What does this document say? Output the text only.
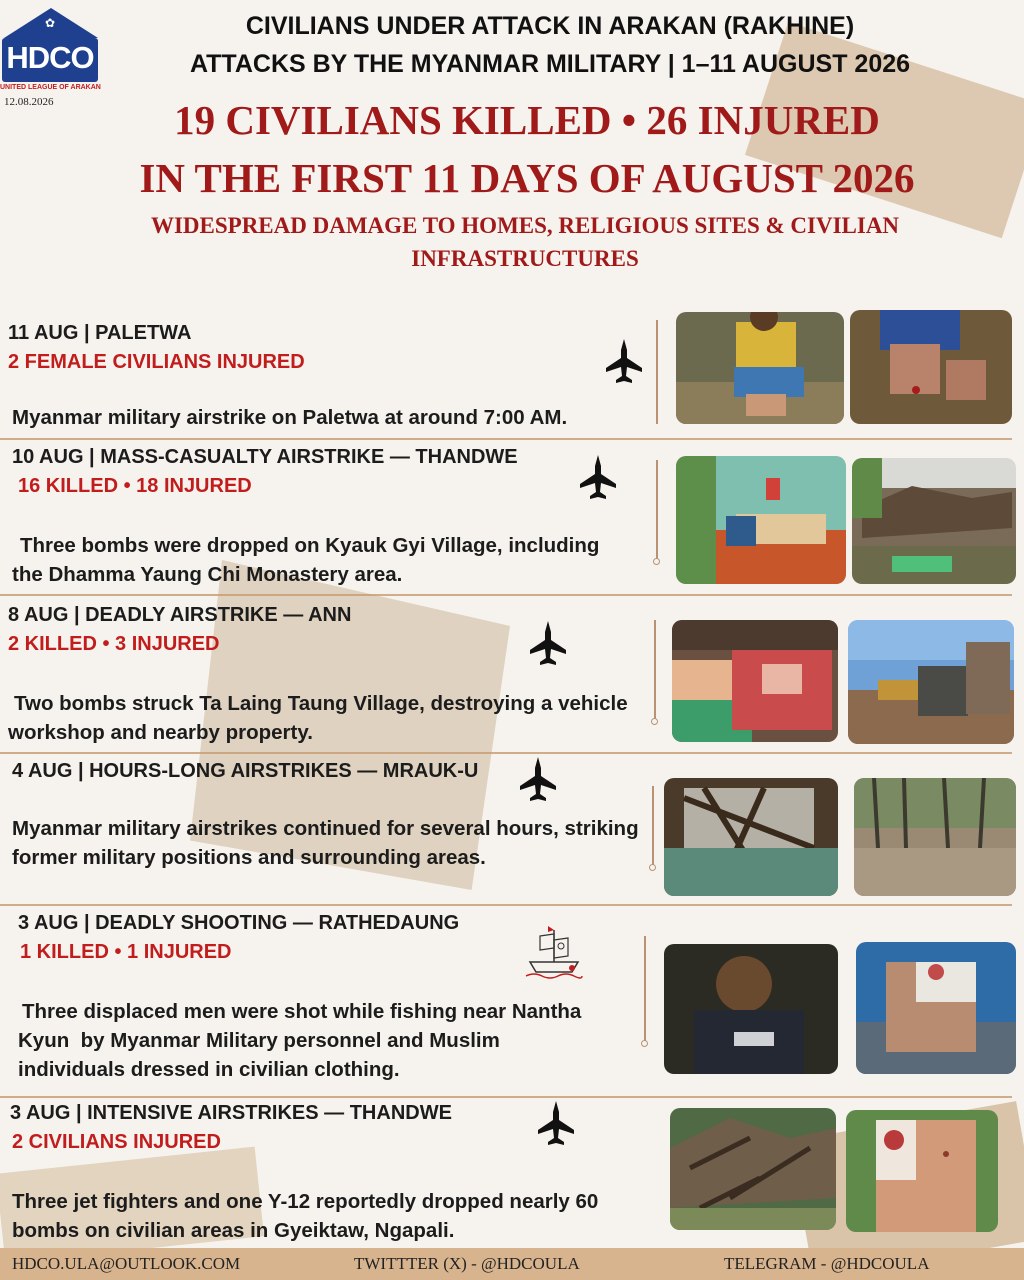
✿
HDCO
UNITED LEAGUE OF ARAKAN
12.08.2026
CIVILIANS UNDER ATTACK IN ARAKAN (RAKHINE)
ATTACKS BY THE MYANMAR MILITARY | 1–11 AUGUST 2026
19 CIVILIANS KILLED • 26 INJURED
IN THE FIRST 11 DAYS OF AUGUST 2026
WIDESPREAD DAMAGE TO HOMES, RELIGIOUS SITES & CIVILIAN INFRASTRUCTURES
11 AUG | PALETWA
2 FEMALE CIVILIANS INJURED
Myanmar military airstrike on Paletwa at around 7:00 AM.
10 AUG | MASS-CASUALTY AIRSTRIKE — THANDWE
16 KILLED • 18 INJURED
Three bombs were dropped on Kyauk Gyi Village, including the Dhamma Yaung Chi Monastery area.
8 AUG | DEADLY AIRSTRIKE — ANN
2 KILLED • 3 INJURED
Two bombs struck Ta Laing Taung Village, destroying a vehicle workshop and nearby property.
4 AUG | HOURS-LONG AIRSTRIKES — MRAUK-U
Myanmar military airstrikes continued for several hours, striking former military positions and surrounding areas.
3 AUG | DEADLY SHOOTING — RATHEDAUNG
1 KILLED • 1 INJURED
Three displaced men were shot while fishing near Nantha Kyun  by Myanmar Military personnel and Muslim individuals dressed in civilian clothing.
3 AUG | INTENSIVE AIRSTRIKES — THANDWE
2 CIVILIANS INJURED
Three jet fighters and one Y-12 reportedly dropped nearly 60 bombs on civilian areas in Gyeiktaw, Ngapali.
HDCO.ULA@OUTLOOK.COM	TWITTTER (X) - @HDCOULA	TELEGRAM - @HDCOULA
